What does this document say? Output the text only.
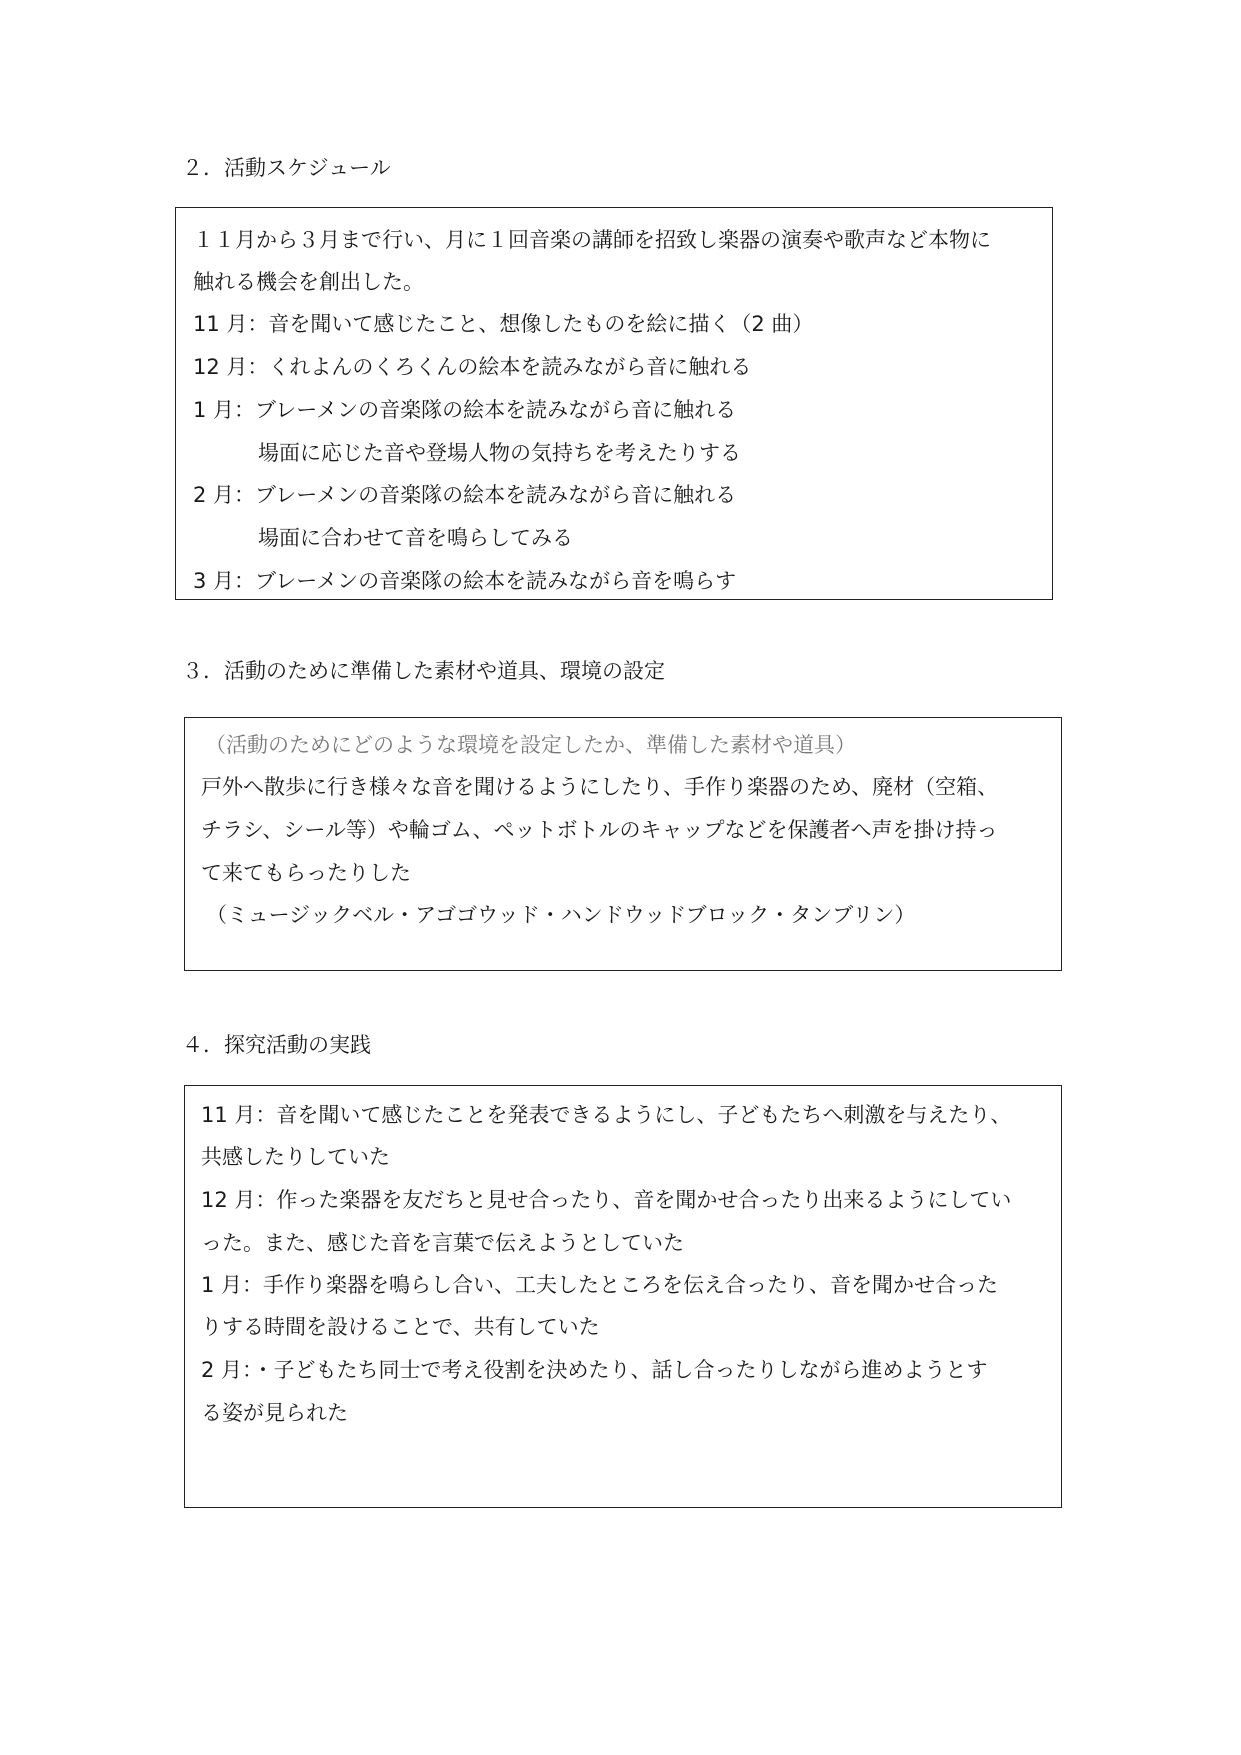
２．活動スケジュール
１１月から３月まで行い、月に１回音楽の講師を招致し楽器の演奏や歌声など本物に
触れる機会を創出した。
11 月：音を聞いて感じたこと、想像したものを絵に描く（2 曲）
12 月：くれよんのくろくんの絵本を読みながら音に触れる
1 月：ブレーメンの音楽隊の絵本を読みながら音に触れる
場面に応じた音や登場人物の気持ちを考えたりする
2 月：ブレーメンの音楽隊の絵本を読みながら音に触れる
場面に合わせて音を鳴らしてみる
3 月：ブレーメンの音楽隊の絵本を読みながら音を鳴らす
３．活動のために準備した素材や道具、環境の設定
（活動のためにどのような環境を設定したか、準備した素材や道具）
戸外へ散歩に行き様々な音を聞けるようにしたり、手作り楽器のため、廃材（空箱、
チラシ、シール等）や輪ゴム、ペットボトルのキャップなどを保護者へ声を掛け持っ
て来てもらったりした
（ミュージックベル・アゴゴウッド・ハンドウッドブロック・タンブリン）
４．探究活動の実践
11 月：音を聞いて感じたことを発表できるようにし、子どもたちへ刺激を与えたり、
共感したりしていた
12 月：作った楽器を友だちと見せ合ったり、音を聞かせ合ったり出来るようにしてい
った。また、感じた音を言葉で伝えようとしていた
1 月：手作り楽器を鳴らし合い、工夫したところを伝え合ったり、音を聞かせ合った
りする時間を設けることで、共有していた
2 月：・子どもたち同士で考え役割を決めたり、話し合ったりしながら進めようとす
る姿が見られた
